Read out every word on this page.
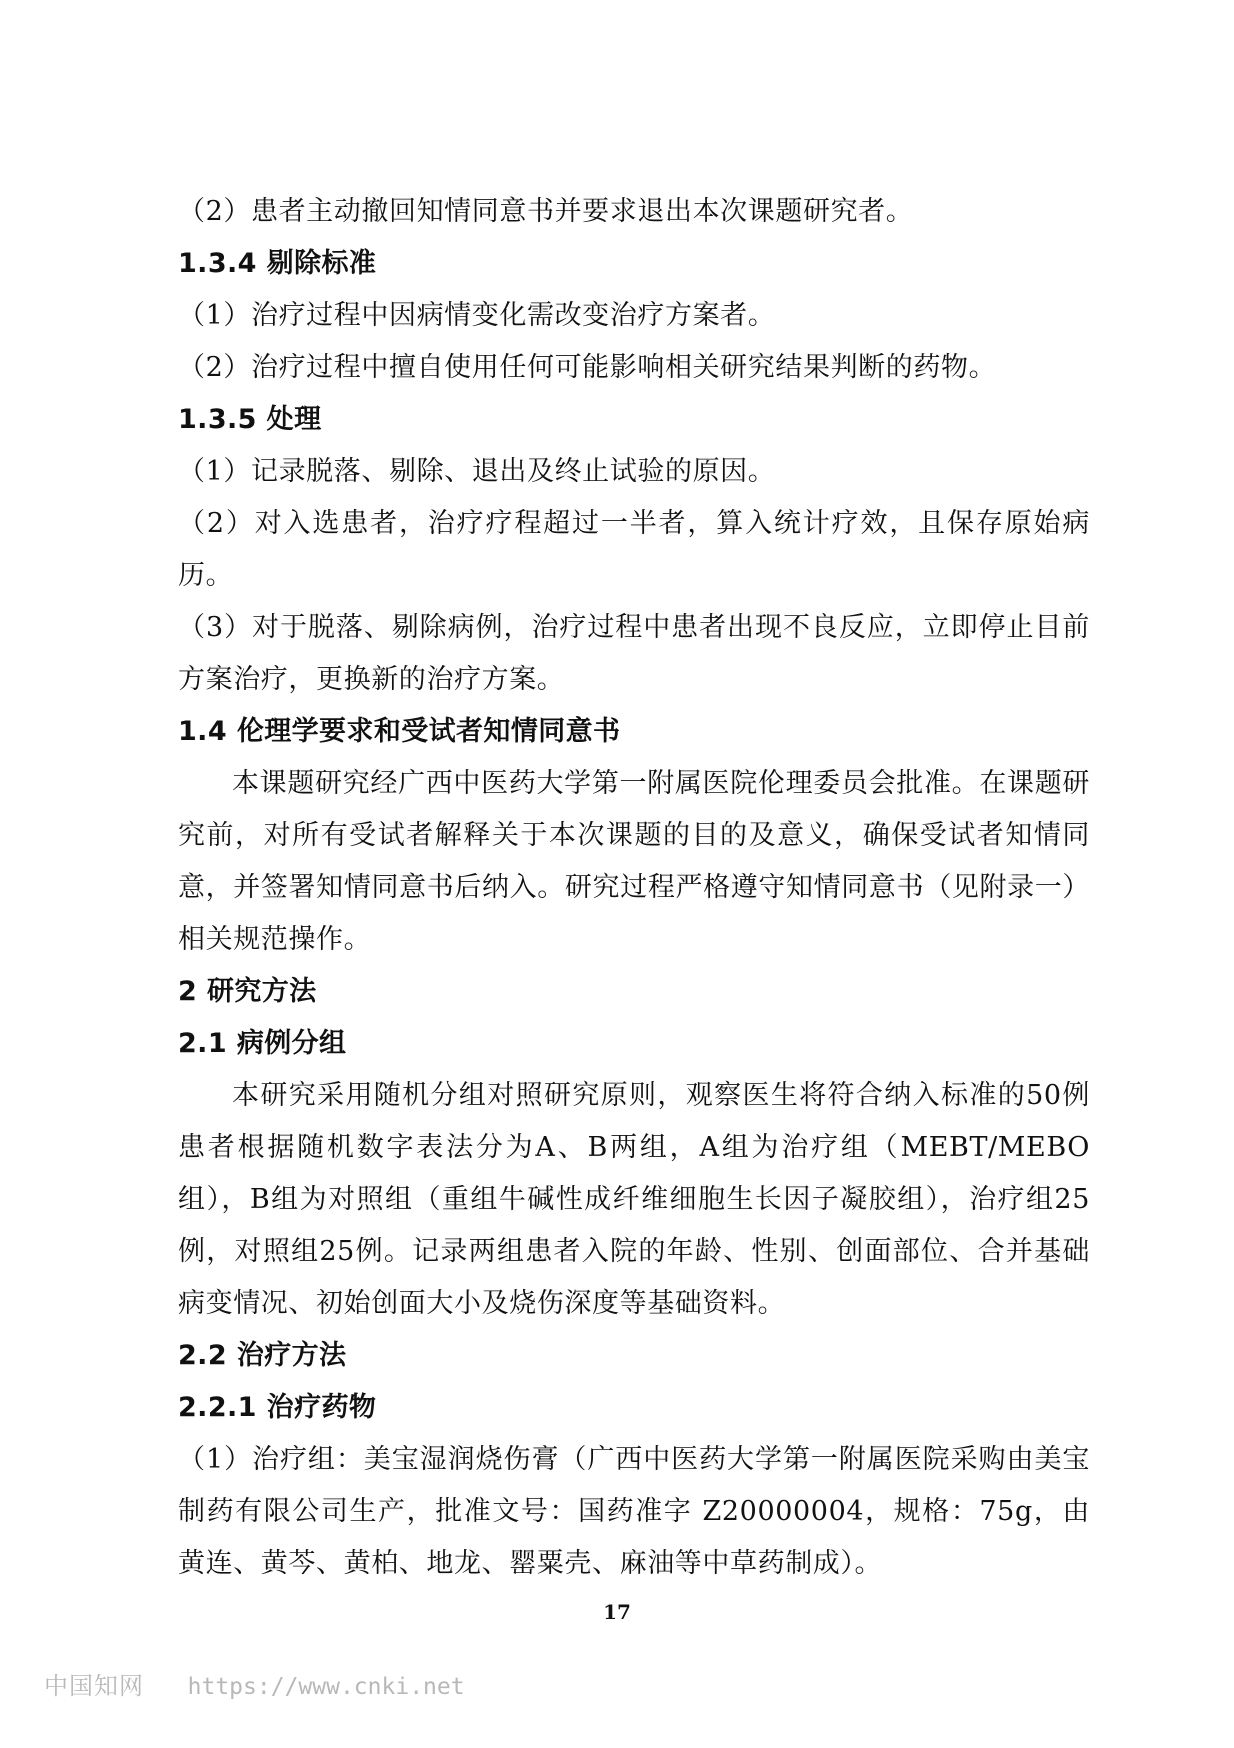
（2）患者主动撤回知情同意书并要求退出本次课题研究者。
1.3.4 剔除标准
（1）治疗过程中因病情变化需改变治疗方案者。
（2）治疗过程中擅自使用任何可能影响相关研究结果判断的药物。
1.3.5 处理
（1）记录脱落、剔除、退出及终止试验的原因。
（2）对入选患者，治疗疗程超过一半者，算入统计疗效，且保存原始病历。
（3）对于脱落、剔除病例，治疗过程中患者出现不良反应，立即停止目前方案治疗，更换新的治疗方案。
1.4 伦理学要求和受试者知情同意书
本课题研究经广西中医药大学第一附属医院伦理委员会批准。在课题研究前，对所有受试者解释关于本次课题的目的及意义，确保受试者知情同意，并签署知情同意书后纳入。研究过程严格遵守知情同意书（见附录一）相关规范操作。
2 研究方法
2.1 病例分组
本研究采用随机分组对照研究原则，观察医生将符合纳入标准的50例患者根据随机数字表法分为A、B两组，A组为治疗组（MEBT/MEBO组），B组为对照组（重组牛碱性成纤维细胞生长因子凝胶组），治疗组25例，对照组25例。记录两组患者入院的年龄、性别、创面部位、合并基础病变情况、初始创面大小及烧伤深度等基础资料。
2.2 治疗方法
2.2.1 治疗药物
（1）治疗组：美宝湿润烧伤膏（广西中医药大学第一附属医院采购由美宝制药有限公司生产，批准文号：国药准字 Z20000004，规格：75g，由黄连、黄芩、黄柏、地龙、罂粟壳、麻油等中草药制成）。
17
中国知网 https://www.cnki.net
